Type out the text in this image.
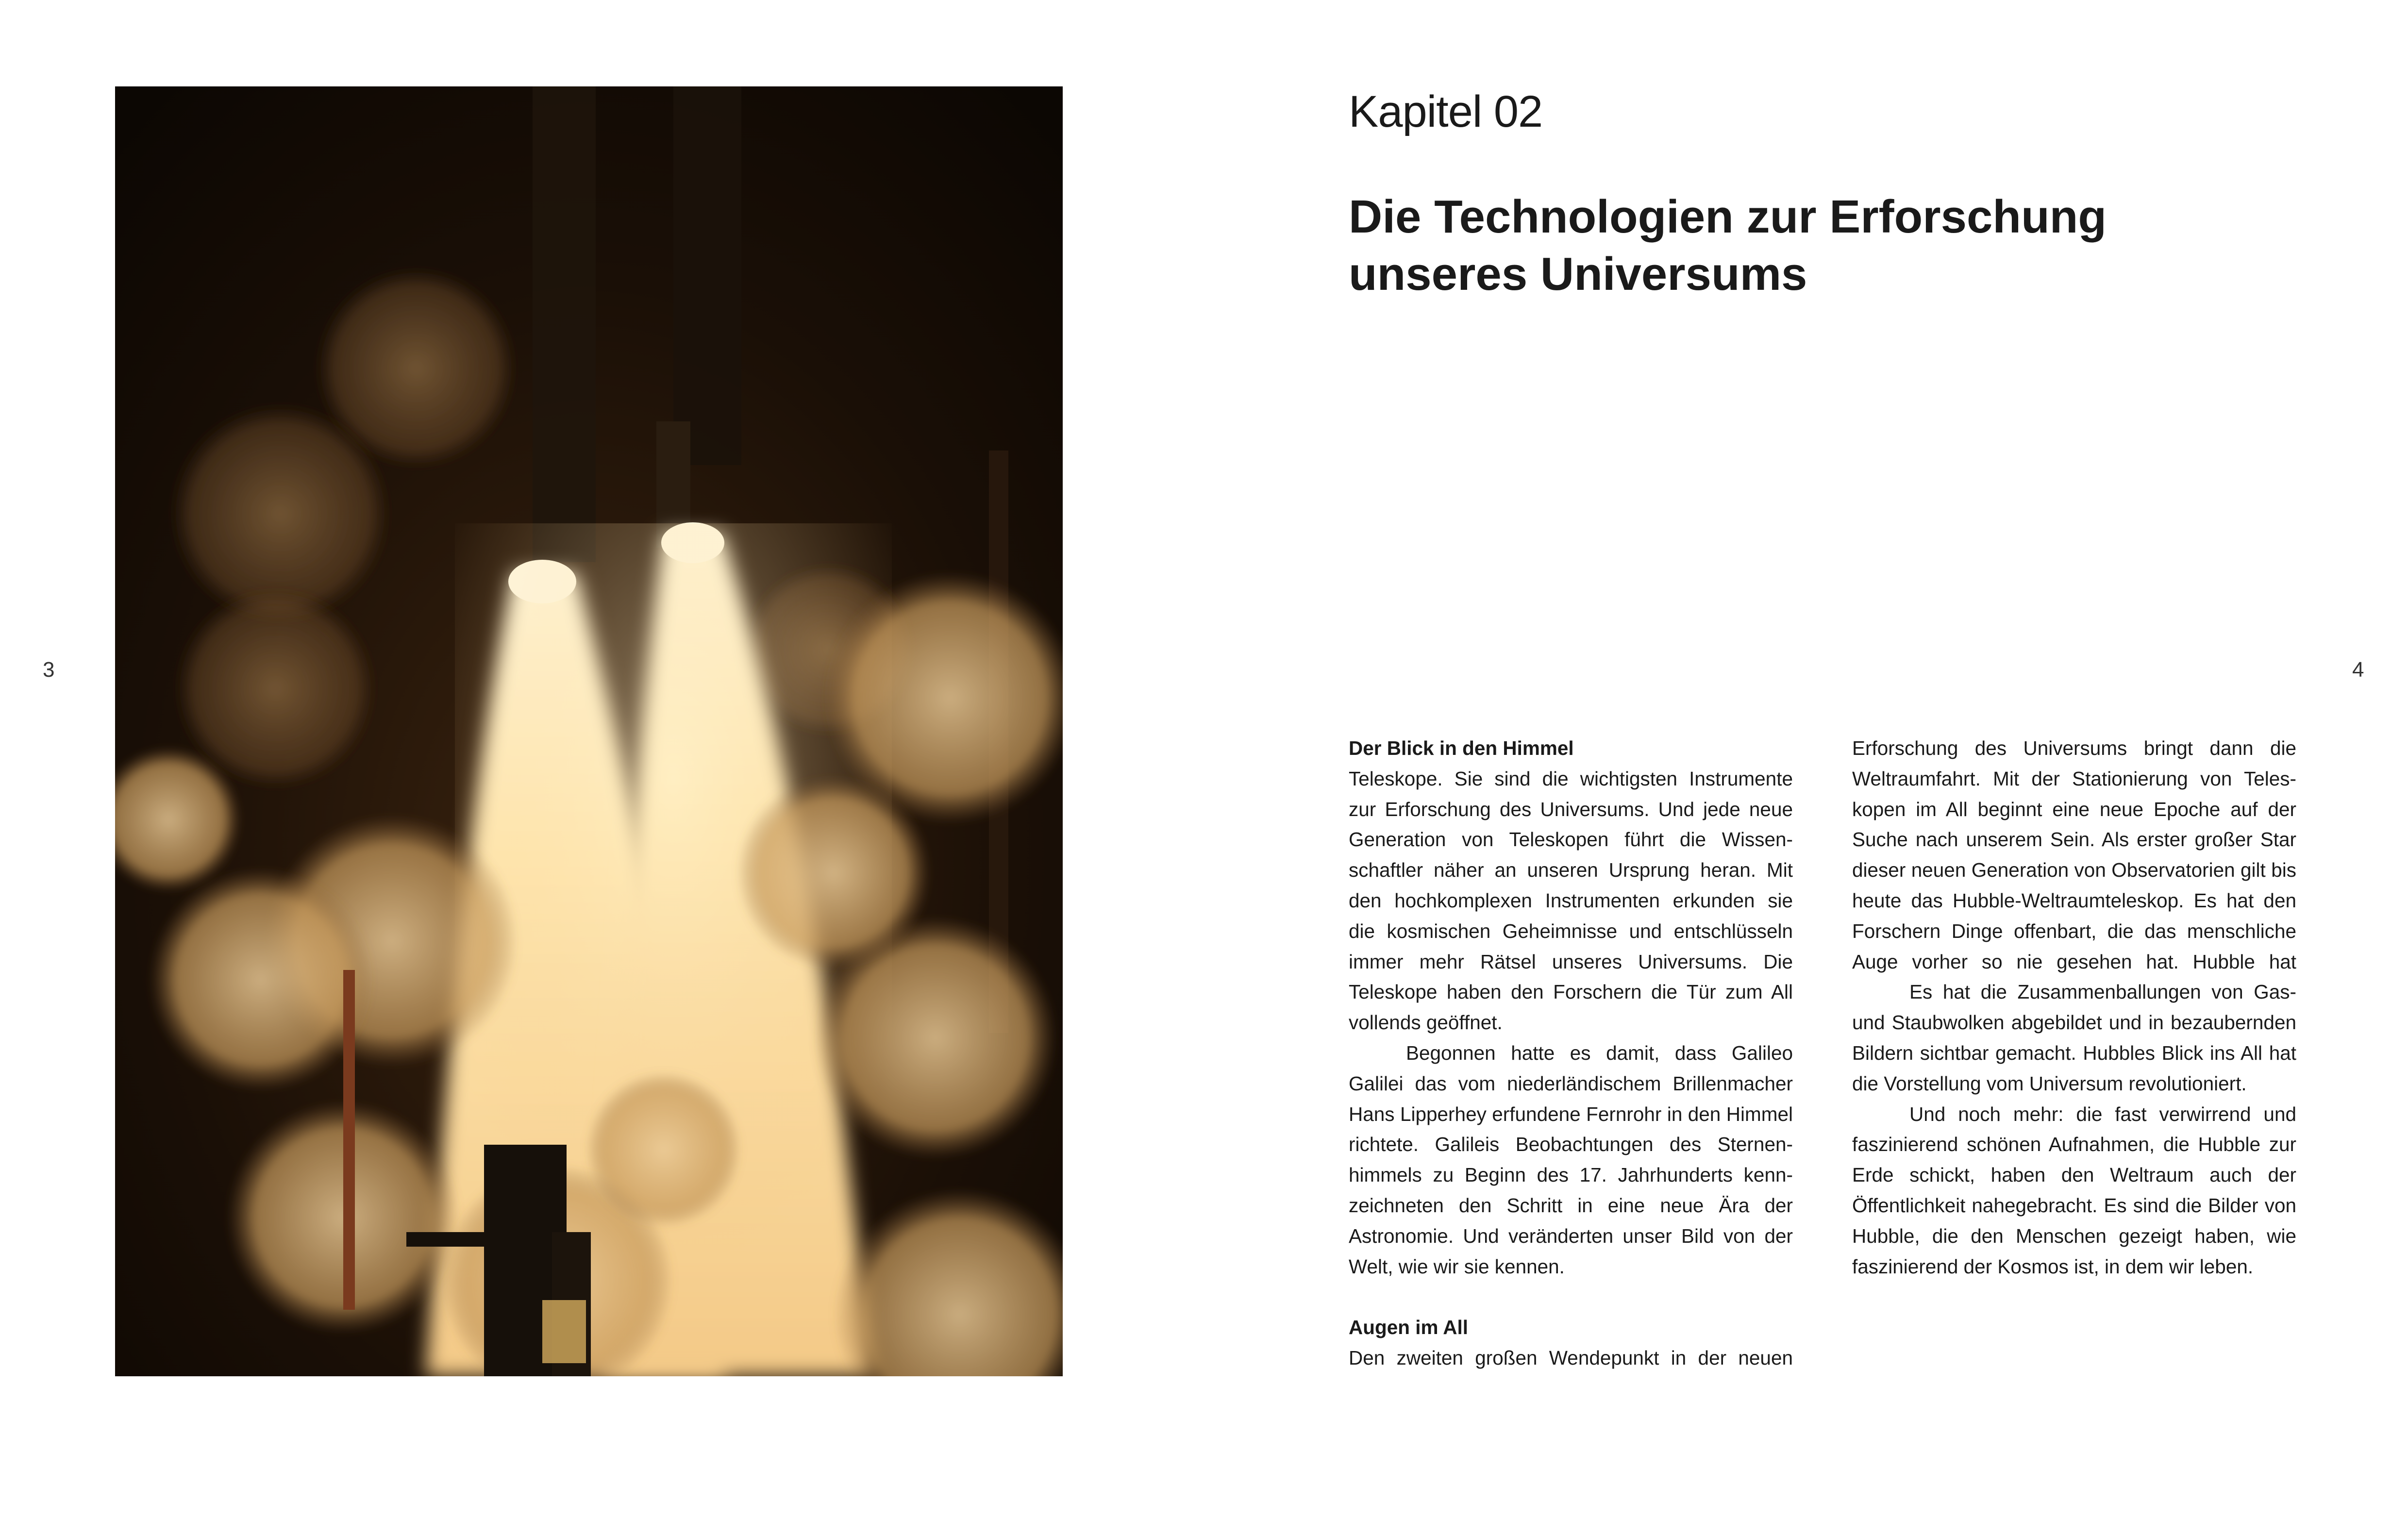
3	4
Kapitel 02
Die Technologien zur Erforschung
unseres Universums
Der Blick in den Himmel

Teleskope. Sie sind die wichtigsten Instrumente zur Erforschung des Universums. Und jede neue Generation von Teleskopen führt die Wissenschaftler näher an unseren Ursprung heran. Mit den hochkomplexen Instrumenten erkunden sie die kosmischen Geheimnisse und entschlüsseln immer mehr Rätsel unseres Universums. Die Teleskope haben den Forschern die Tür zum All vollends geöffnet.

Begonnen hatte es damit, dass Galileo Galilei das vom niederländischem Brillenmacher Hans Lipperhey erfundene Fernrohr in den Himmel richtete. Galileis Beobachtungen des Sternenhimmels zu Beginn des 17. Jahrhunderts kennzeichneten den Schritt in eine neue Ära der Astronomie. Und veränderten unser Bild von der Welt, wie wir sie kennen.

Augen im All

Den zweiten großen Wendepunkt in der neuen

Erforschung des Universums bringt dann die Weltraumfahrt. Mit der Stationierung von Teleskopen im All beginnt eine neue Epoche auf der Suche nach unserem Sein. Als erster großer Star dieser neuen Generation von Observatorien gilt bis heute das Hubble-Weltraumteleskop. Es hat den Forschern Dinge offenbart, die das menschliche Auge vorher so nie gesehen hat. Hubble hat

Es hat die Zusammenballungen von Gas- und Staubwolken abgebildet und in bezaubernden Bildern sichtbar gemacht. Hubbles Blick ins All hat die Vorstellung vom Universum revolutioniert.

Und noch mehr: die fast verwirrend und faszinierend schönen Aufnahmen, die Hubble zur Erde schickt, haben den Weltraum auch der Öffentlichkeit nahegebracht. Es sind die Bilder von Hubble, die den Menschen gezeigt haben, wie faszinierend der Kosmos ist, in dem wir leben.
